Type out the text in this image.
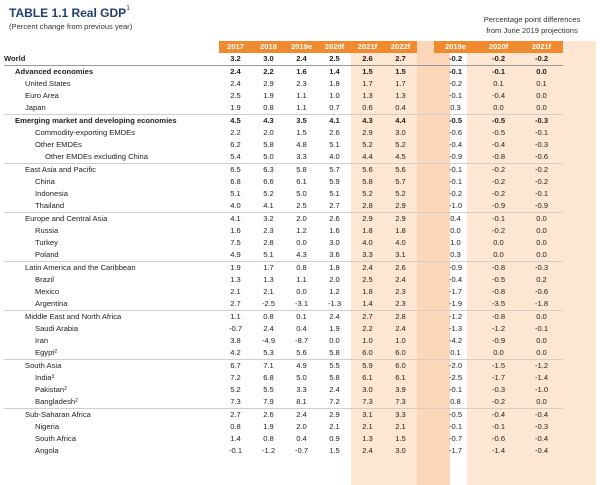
TABLE 1.1 Real GDP$^1$
(Percent change from previous year)
Percentage point differences
from June 2019 projections
	2017	2018	2019e	2020f	2021f	2022f		2019e	2020f	2021f
World	3.2	3.0	2.4	2.5	2.6	2.7		-0.2	-0.2	-0.2
Advanced economies	2.4	2.2	1.6	1.4	1.5	1.5		-0.1	-0.1	0.0
United States	2.4	2.9	2.3	1.8	1.7	1.7		-0.2	0.1	0.1
Euro Area	2.5	1.9	1.1	1.0	1.3	1.3		-0.1	-0.4	0.0
Japan	1.9	0.8	1.1	0.7	0.6	0.4		0.3	0.0	0.0
Emerging market and developing economies	4.5	4.3	3.5	4.1	4.3	4.4		-0.5	-0.5	-0.3
Commodity-exporting EMDEs	2.2	2.0	1.5	2.6	2.9	3.0		-0.6	-0.5	-0.1
Other EMDEs	6.2	5.8	4.8	5.1	5.2	5.2		-0.4	-0.4	-0.3
Other EMDEs excluding China	5.4	5.0	3.3	4.0	4.4	4.5		-0.9	-0.8	-0.6
East Asia and Pacific	6.5	6.3	5.8	5.7	5.6	5.6		-0.1	-0.2	-0.2
China	6.8	6.6	6.1	5.9	5.8	5.7		-0.1	-0.2	-0.2
Indonesia	5.1	5.2	5.0	5.1	5.2	5.2		-0.2	-0.2	-0.1
Thailand	4.0	4.1	2.5	2.7	2.8	2.9		-1.0	-0.9	-0.9
Europe and Central Asia	4.1	3.2	2.0	2.6	2.9	2.9		0.4	-0.1	0.0
Russia	1.6	2.3	1.2	1.6	1.8	1.8		0.0	-0.2	0.0
Turkey	7.5	2.8	0.0	3.0	4.0	4.0		1.0	0.0	0.0
Poland	4.9	5.1	4.3	3.6	3.3	3.1		0.3	0.0	0.0
Latin America and the Caribbean	1.9	1.7	0.8	1.8	2.4	2.6		-0.9	-0.8	-0.3
Brazil	1.3	1.3	1.1	2.0	2.5	2.4		-0.4	-0.5	0.2
Mexico	2.1	2.1	0.0	1.2	1.8	2.3		-1.7	-0.8	-0.6
Argentina	2.7	-2.5	-3.1	-1.3	1.4	2.3		-1.9	-3.5	-1.8
Middle East and North Africa	1.1	0.8	0.1	2.4	2.7	2.8		-1.2	-0.8	0.0
Saudi Arabia	-0.7	2.4	0.4	1.9	2.2	2.4		-1.3	-1.2	-0.1
Iran	3.8	-4.9	-8.7	0.0	1.0	1.0		-4.2	-0.9	0.0
Egypt$^2$	4.2	5.3	5.6	5.8	6.0	6.0		0.1	0.0	0.0
South Asia	6.7	7.1	4.9	5.5	5.9	6.0		-2.0	-1.5	-1.2
India$^3$	7.2	6.8	5.0	5.8	6.1	6.1		-2.5	-1.7	-1.4
Pakistan$^2$	5.2	5.5	3.3	2.4	3.0	3.9		-0.1	-0.3	-1.0
Bangladesh$^2$	7.3	7.9	8.1	7.2	7.3	7.3		0.8	-0.2	0.0
Sub-Saharan Africa	2.7	2.6	2.4	2.9	3.1	3.3		-0.5	-0.4	-0.4
Nigeria	0.8	1.9	2.0	2.1	2.1	2.1		-0.1	-0.1	-0.3
South Africa	1.4	0.8	0.4	0.9	1.3	1.5		-0.7	-0.6	-0.4
Angola	-0.1	-1.2	-0.7	1.5	2.4	3.0		-1.7	-1.4	-0.4
